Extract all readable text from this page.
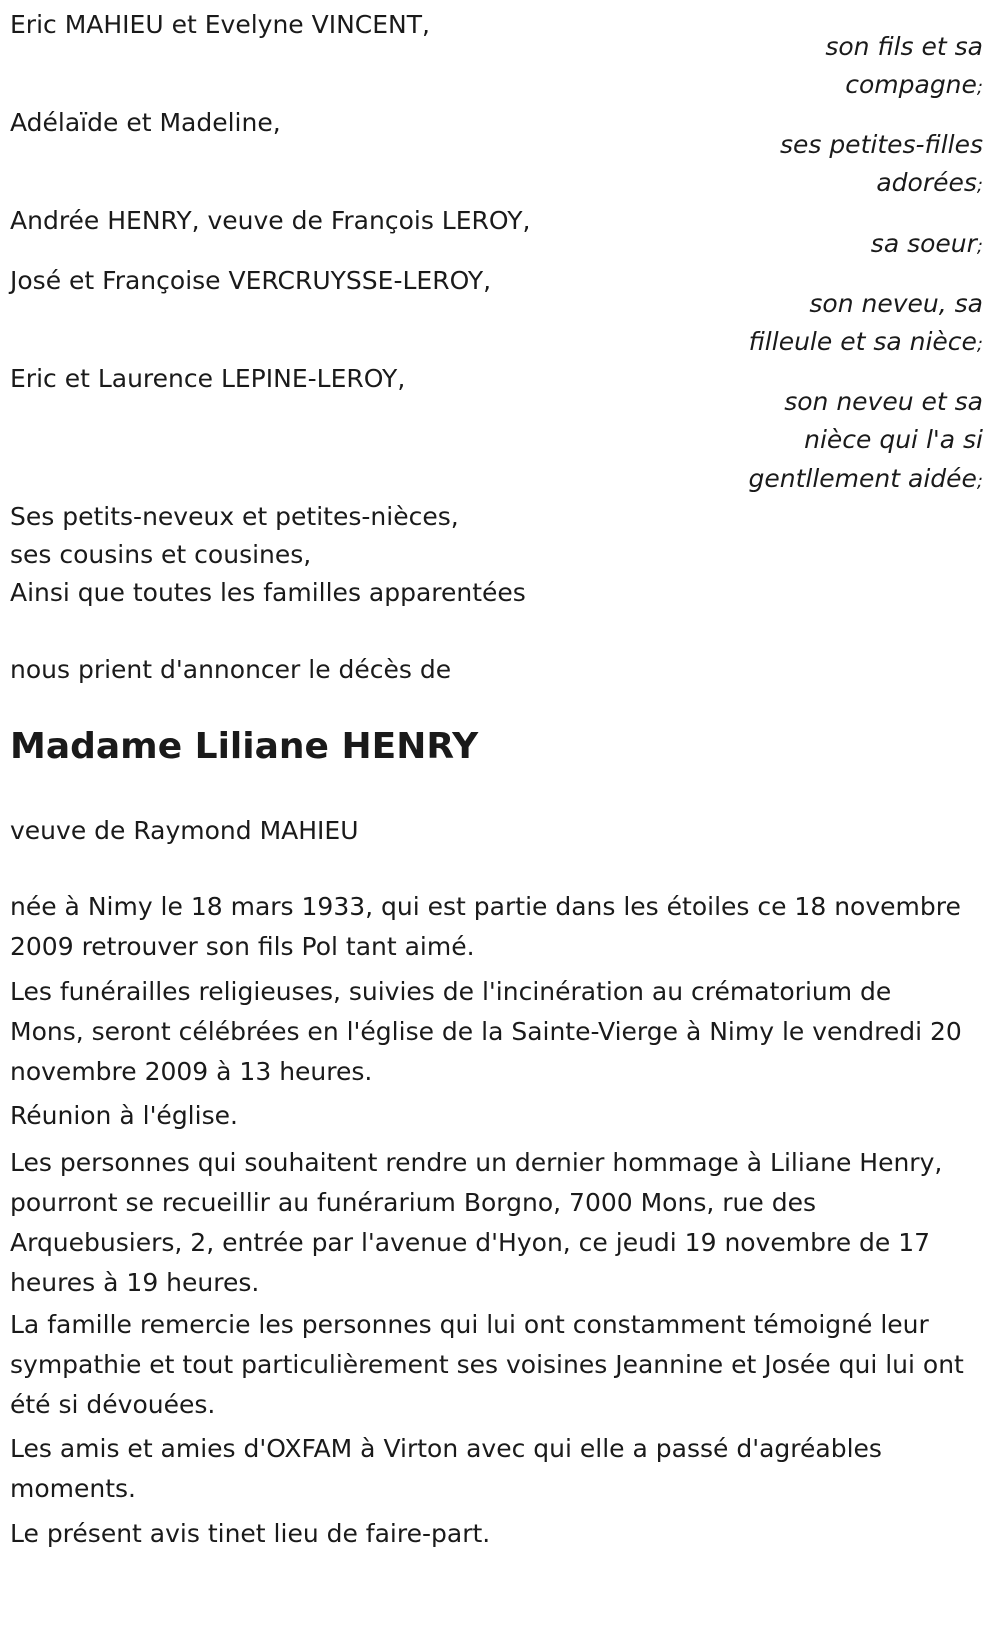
Eric MAHIEU et Evelyne VINCENT,

Adélaïde et Madeline,

Andrée HENRY, veuve de François LEROY,

José et Françoise VERCRUYSSE-LEROY,

Eric et Laurence LEPINE-LEROY,

son fils et sa

compagne;

ses petites-filles

adorées;

sa soeur;

son neveu, sa

filleule et sa nièce;

son neveu et sa

nièce qui l'a si

gentllement aidée;

Ses petits-neveux et petites-nièces,

ses cousins et cousines,

Ainsi que toutes les familles apparentées

nous prient d'annoncer le décès de

Madame Liliane HENRY

veuve de Raymond MAHIEU

née à Nimy le 18 mars 1933, qui est partie dans les étoiles ce 18 novembre 2009 retrouver son fils Pol tant aimé.

Les funérailles religieuses, suivies de l'incinération au crématorium de Mons, seront célébrées en l'église de la Sainte-Vierge à Nimy le vendredi 20 novembre 2009 à 13 heures.

Réunion à l'église.

Les personnes qui souhaitent rendre un dernier hommage à Liliane Henry, pourront se recueillir au funérarium Borgno, 7000 Mons, rue des Arquebusiers, 2, entrée par l'avenue d'Hyon, ce jeudi 19 novembre de 17 heures à 19 heures.

La famille remercie les personnes qui lui ont constamment témoigné leur sympathie et tout particulièrement ses voisines Jeannine et Josée qui lui ont été si dévouées.

Les amis et amies d'OXFAM à Virton avec qui elle a passé d'agréables moments.

Le présent avis tinet lieu de faire-part.
